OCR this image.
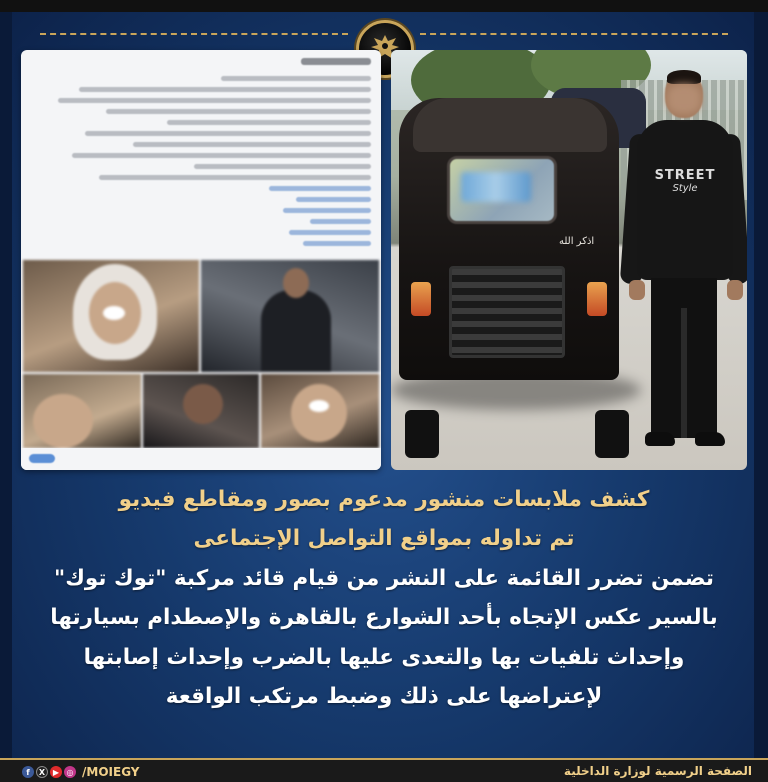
اذكر الله
STREET
Style
كشف ملابسات منشور مدعوم بصور ومقاطع فيديو
تم تداوله بمواقع التواصل الإجتماعى
تضمن تضرر القائمة على النشر من قيام قائد مركبة "توك توك"
بالسير عكس الإتجاه بأحد الشوارع بالقاهرة والإصطدام بسيارتها
وإحداث تلفيات بها والتعدى عليها بالضرب وإحداث إصابتها
لإعتراضها على ذلك وضبط مرتكب الواقعة
f	X ▶ ◎ /MOIEGY	الصفحة الرسمية لوزارة الداخلية
